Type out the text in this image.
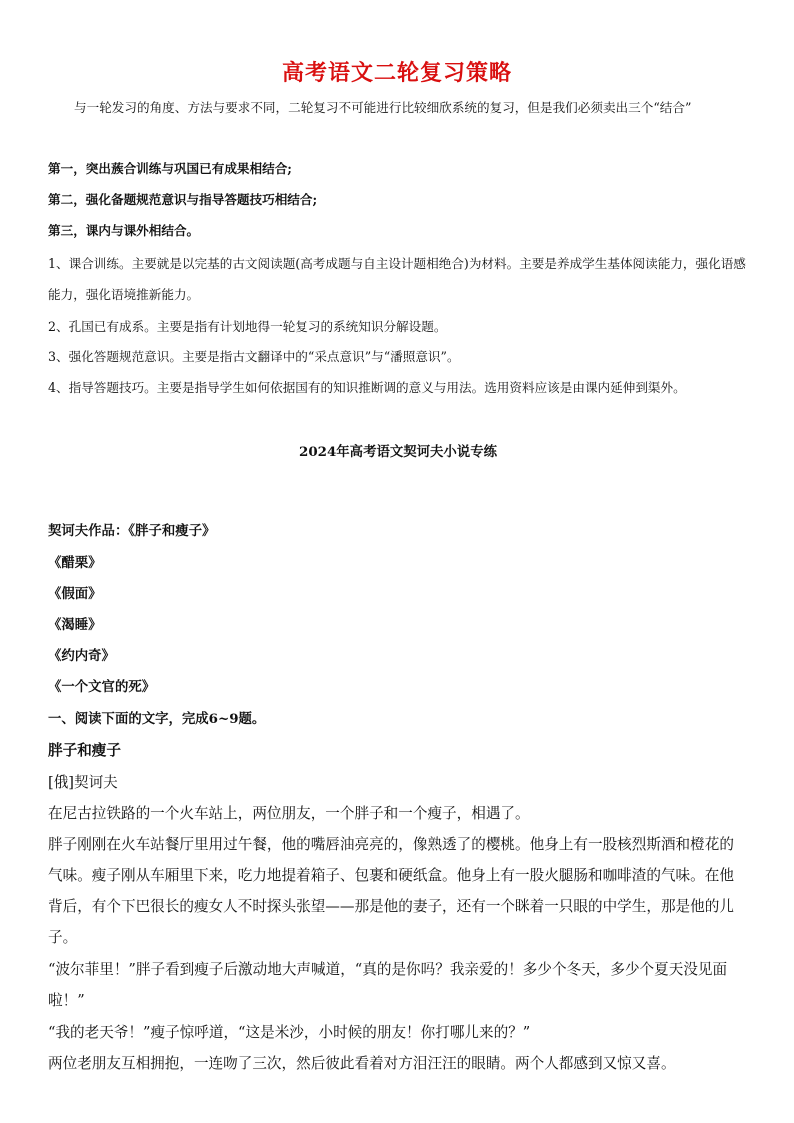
高考语文二轮复习策略
与一轮发习的角度、方法与要求不同，二轮复习不可能进行比较细欣系统的复习，但是我们必须卖出三个“结合”
第一，突出蔟合训练与巩国已有成果相结合;
第二，强化备题规范意识与指导答题技巧相结合;
第三，课内与课外相结合。
1、课合训练。主要就是以完基的古文阅读题(高考成题与自主设计题相绝合)为材料。主要是养成学生基体阅读能力，强化语感能力，强化语境推新能力。
2、孔国已有成系。主要是指有计划地得一轮复习的系统知识分解设题。
3、强化答题规范意识。主要是指古文翻译中的“采点意识”与“潘照意识”。
4、指导答题技巧。主要是指导学生如何依据国有的知识推断调的意义与用法。选用资料应该是由课内延伸到渠外。
2024年高考语文契诃夫小说专练
契诃夫作品：《胖子和瘦子》
《醋栗》
《假面》
《渴睡》
《约内奇》
《一个文官的死》
一、阅读下面的文字，完成6~9题。
胖子和瘦子
[俄]契诃夫
在尼古拉铁路的一个火车站上，两位朋友，一个胖子和一个瘦子，相遇了。
胖子刚刚在火车站餐厅里用过午餐，他的嘴唇油亮亮的，像熟透了的樱桃。他身上有一股核烈斯酒和橙花的气味。瘦子刚从车厢里下来，吃力地提着箱子、包裹和硬纸盒。他身上有一股火腿肠和咖啡渣的气味。在他背后，有个下巴很长的瘦女人不时探头张望——那是他的妻子，还有一个眯着一只眼的中学生，那是他的儿子。
“波尔菲里！”胖子看到瘦子后激动地大声喊道，“真的是你吗？我亲爱的！多少个冬天，多少个夏天没见面啦！”
“我的老天爷！”瘦子惊呼道，“这是米沙，小时候的朋友！你打哪儿来的？”
两位老朋友互相拥抱，一连吻了三次，然后彼此看着对方泪汪汪的眼睛。两个人都感到又惊又喜。
